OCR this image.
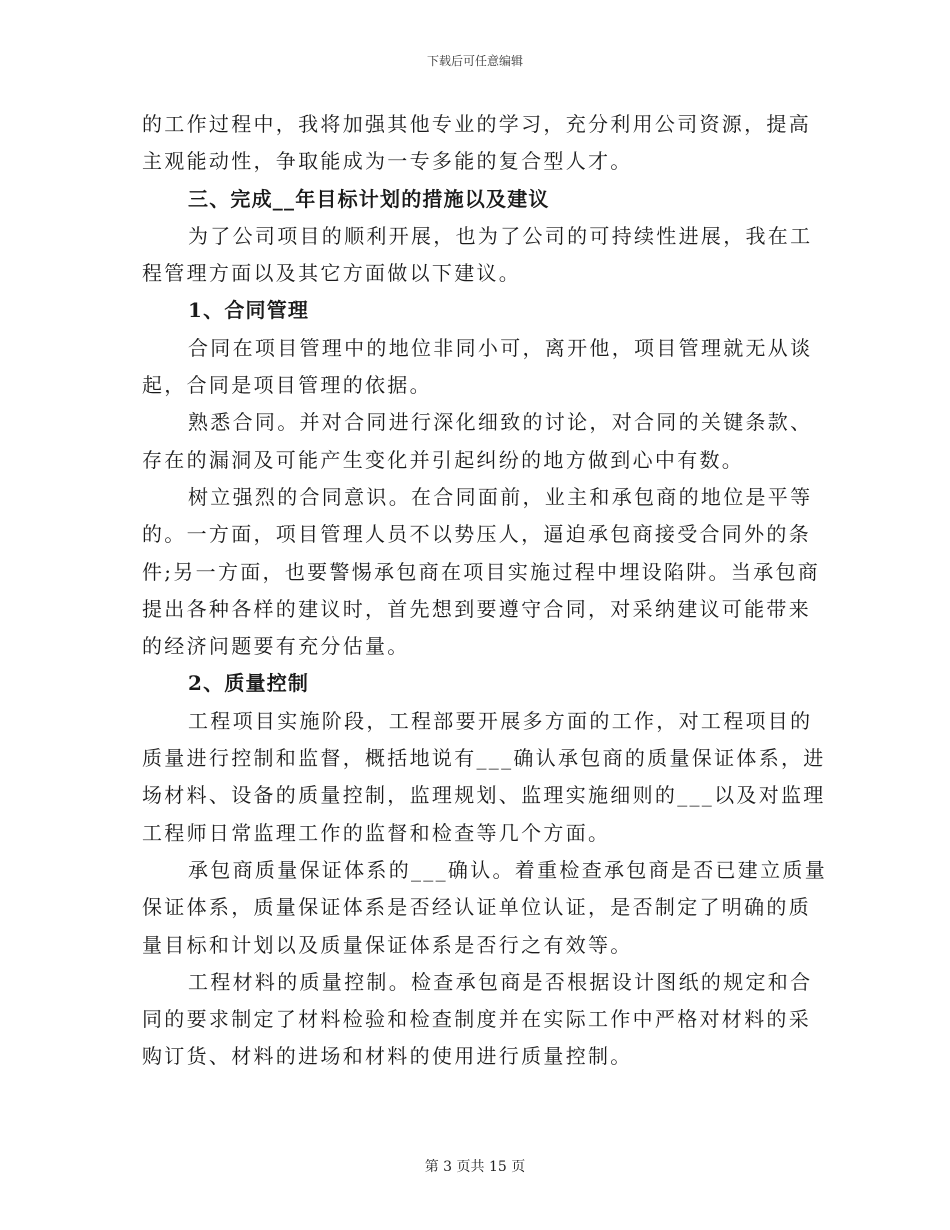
下载后可任意编辑
的工作过程中，我将加强其他专业的学习，充分利用公司资源，提高
主观能动性，争取能成为一专多能的复合型人才。
三、完成__年目标计划的措施以及建议
为了公司项目的顺利开展，也为了公司的可持续性进展，我在工
程管理方面以及其它方面做以下建议。
1、合同管理
合同在项目管理中的地位非同小可，离开他，项目管理就无从谈
起，合同是项目管理的依据。
熟悉合同。并对合同进行深化细致的讨论，对合同的关键条款、
存在的漏洞及可能产生变化并引起纠纷的地方做到心中有数。
树立强烈的合同意识。在合同面前，业主和承包商的地位是平等
的。一方面，项目管理人员不以势压人，逼迫承包商接受合同外的条
件;另一方面，也要警惕承包商在项目实施过程中埋设陷阱。当承包商
提出各种各样的建议时，首先想到要遵守合同，对采纳建议可能带来
的经济问题要有充分估量。
2、质量控制
工程项目实施阶段，工程部要开展多方面的工作，对工程项目的
质量进行控制和监督，概括地说有___确认承包商的质量保证体系，进
场材料、设备的质量控制，监理规划、监理实施细则的___以及对监理
工程师日常监理工作的监督和检查等几个方面。
承包商质量保证体系的___确认。着重检查承包商是否已建立质量
保证体系，质量保证体系是否经认证单位认证，是否制定了明确的质
量目标和计划以及质量保证体系是否行之有效等。
工程材料的质量控制。检查承包商是否根据设计图纸的规定和合
同的要求制定了材料检验和检查制度并在实际工作中严格对材料的采
购订货、材料的进场和材料的使用进行质量控制。
第 3 页共 15 页
